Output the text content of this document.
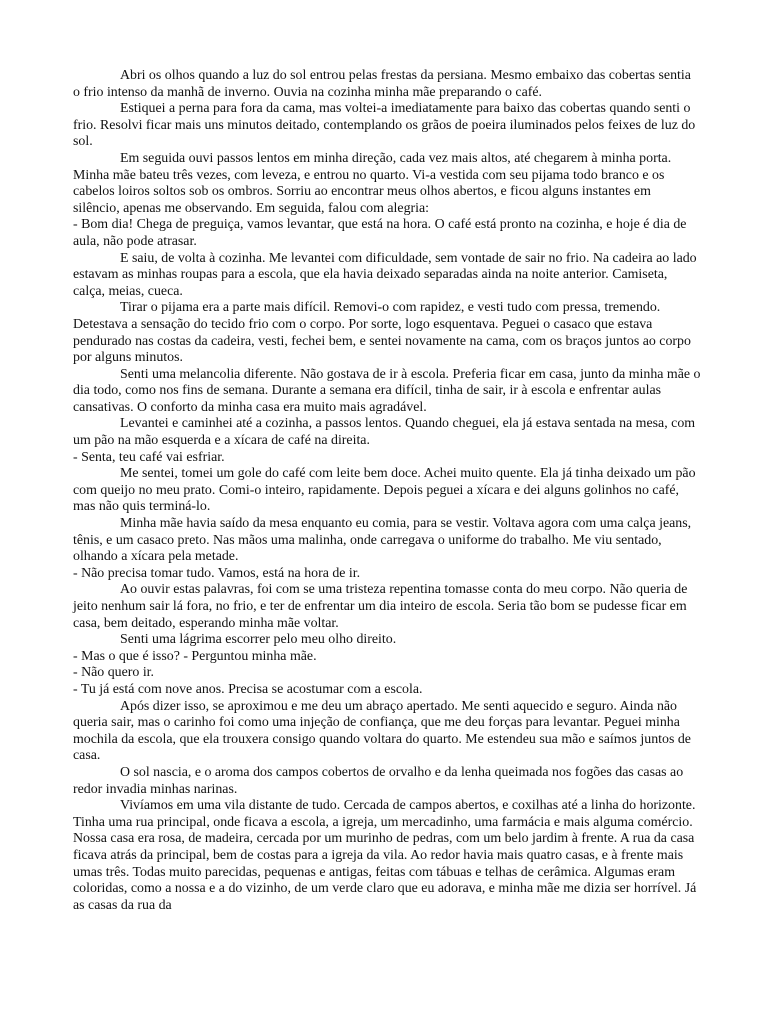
Abri os olhos quando a luz do sol entrou pelas frestas da persiana. Mesmo embaixo das cobertas sentia o frio intenso da manhã de inverno. Ouvia na cozinha minha mãe preparando o café.

Estiquei a perna para fora da cama, mas voltei-a imediatamente para baixo das cobertas quando senti o frio. Resolvi ficar mais uns minutos deitado, contemplando os grãos de poeira iluminados pelos feixes de luz do sol.

Em seguida ouvi passos lentos em minha direção, cada vez mais altos, até chegarem à minha porta. Minha mãe bateu três vezes, com leveza, e entrou no quarto. Vi-a vestida com seu pijama todo branco e os cabelos loiros soltos sob os ombros. Sorriu ao encontrar meus olhos abertos, e ficou alguns instantes em silêncio, apenas me observando. Em seguida, falou com alegria:

- Bom dia! Chega de preguiça, vamos levantar, que está na hora. O café está pronto na cozinha, e hoje é dia de aula, não pode atrasar.

E saiu, de volta à cozinha. Me levantei com dificuldade, sem vontade de sair no frio. Na cadeira ao lado estavam as minhas roupas para a escola, que ela havia deixado separadas ainda na noite anterior. Camiseta, calça, meias, cueca.

Tirar o pijama era a parte mais difícil. Removi-o com rapidez, e vesti tudo com pressa, tremendo. Detestava a sensação do tecido frio com o corpo. Por sorte, logo esquentava. Peguei o casaco que estava pendurado nas costas da cadeira, vesti, fechei bem, e sentei novamente na cama, com os braços juntos ao corpo por alguns minutos.

Senti uma melancolia diferente. Não gostava de ir à escola. Preferia ficar em casa, junto da minha mãe o dia todo, como nos fins de semana. Durante a semana era difícil, tinha de sair, ir à escola e enfrentar aulas cansativas. O conforto da minha casa era muito mais agradável.

Levantei e caminhei até a cozinha, a passos lentos. Quando cheguei, ela já estava sentada na mesa, com um pão na mão esquerda e a xícara de café na direita.

- Senta, teu café vai esfriar.

Me sentei, tomei um gole do café com leite bem doce. Achei muito quente. Ela já tinha deixado um pão com queijo no meu prato. Comi-o inteiro, rapidamente. Depois peguei a xícara e dei alguns golinhos no café, mas não quis terminá-lo.

Minha mãe havia saído da mesa enquanto eu comia, para se vestir. Voltava agora com uma calça jeans, tênis, e um casaco preto. Nas mãos uma malinha, onde carregava o uniforme do trabalho. Me viu sentado, olhando a xícara pela metade.

- Não precisa tomar tudo. Vamos, está na hora de ir.

Ao ouvir estas palavras, foi com se uma tristeza repentina tomasse conta do meu corpo. Não queria de jeito nenhum sair lá fora, no frio, e ter de enfrentar um dia inteiro de escola. Seria tão bom se pudesse ficar em casa, bem deitado, esperando minha mãe voltar.

Senti uma lágrima escorrer pelo meu olho direito.

- Mas o que é isso? - Perguntou minha mãe.

- Não quero ir.

- Tu já está com nove anos. Precisa se acostumar com a escola.

Após dizer isso, se aproximou e me deu um abraço apertado. Me senti aquecido e seguro. Ainda não queria sair, mas o carinho foi como uma injeção de confiança, que me deu forças para levantar. Peguei minha mochila da escola, que ela trouxera consigo quando voltara do quarto. Me estendeu sua mão e saímos juntos de casa.

O sol nascia, e o aroma dos campos cobertos de orvalho e da lenha queimada nos fogões das casas ao redor invadia minhas narinas.

Vivíamos em uma vila distante de tudo. Cercada de campos abertos, e coxilhas até a linha do horizonte. Tinha uma rua principal, onde ficava a escola, a igreja, um mercadinho, uma farmácia e mais alguma comércio. Nossa casa era rosa, de madeira, cercada por um murinho de pedras, com um belo jardim à frente. A rua da casa ficava atrás da principal, bem de costas para a igreja da vila. Ao redor havia mais quatro casas, e à frente mais umas três. Todas muito parecidas, pequenas e antigas, feitas com tábuas e telhas de cerâmica. Algumas eram coloridas, como a nossa e a do vizinho, de um verde claro que eu adorava, e minha mãe me dizia ser horrível. Já as casas da rua da
